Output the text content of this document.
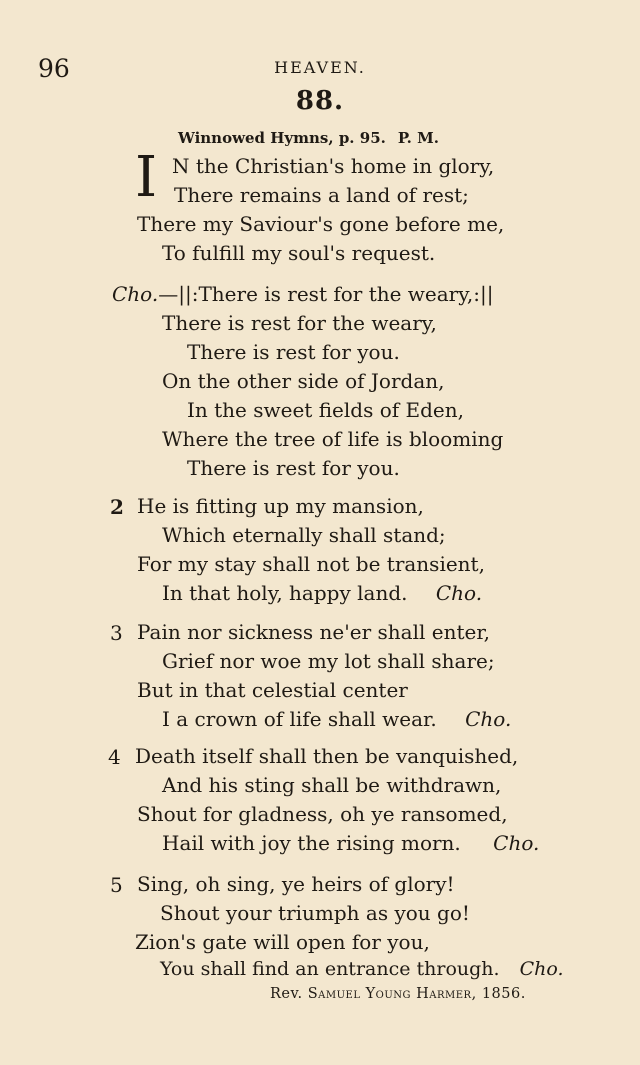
96	HEAVEN.
88.
Winnowed Hymns, p. 95. P. M.
I N the Christian's home in glory,
There remains a land of rest;
There my Saviour's gone before me,
To fulfill my soul's request.
Cho.—||:There is rest for the weary,:||
There is rest for the weary,
There is rest for you.
On the other side of Jordan,
In the sweet fields of Eden,
Where the tree of life is blooming
There is rest for you.
2 He is fitting up my mansion,
Which eternally shall stand;
For my stay shall not be transient,
In that holy, happy land. Cho.
3 Pain nor sickness ne'er shall enter,
Grief nor woe my lot shall share;
But in that celestial center
I a crown of life shall wear. Cho.
4 Death itself shall then be vanquished,
And his sting shall be withdrawn,
Shout for gladness, oh ye ransomed,
Hail with joy the rising morn. Cho.
5 Sing, oh sing, ye heirs of glory!
Shout your triumph as you go!
Zion's gate will open for you,
You shall find an entrance through. Cho.
Rev. Samuel Young Harmer, 1856.
